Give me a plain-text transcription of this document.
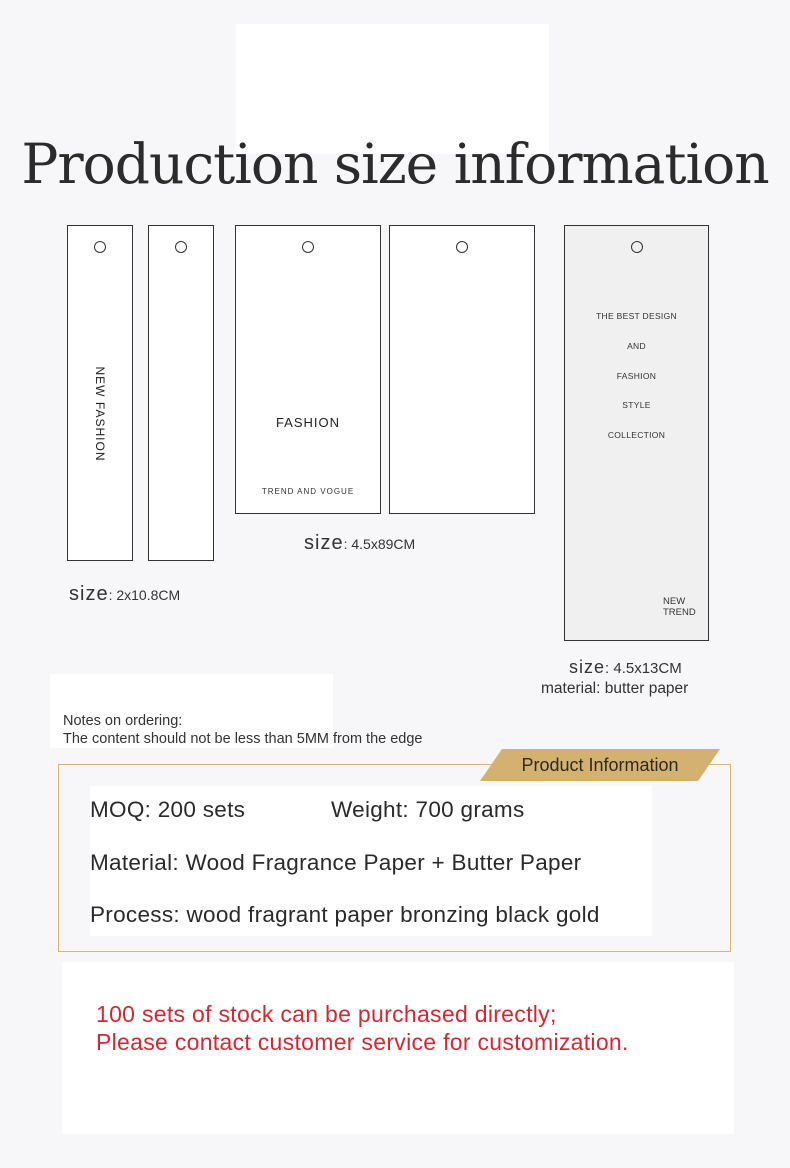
Production size information
NEW FASHION	FASHION
TREND AND VOGUE
THE BEST DESIGN
AND
FASHION
STYLE
COLLECTION
NEW
TREND
size: 2x10.8CM
size: 4.5x89CM
size: 4.5x13CM
material: butter paper
Notes on ordering:
The content should not be less than 5MM from the edge
Product Information
MOQ: 200 sets	Weight: 700 grams
Material: Wood Fragrance Paper + Butter Paper
Process: wood fragrant paper bronzing black gold
100 sets of stock can be purchased directly;
Please contact customer service for customization.
